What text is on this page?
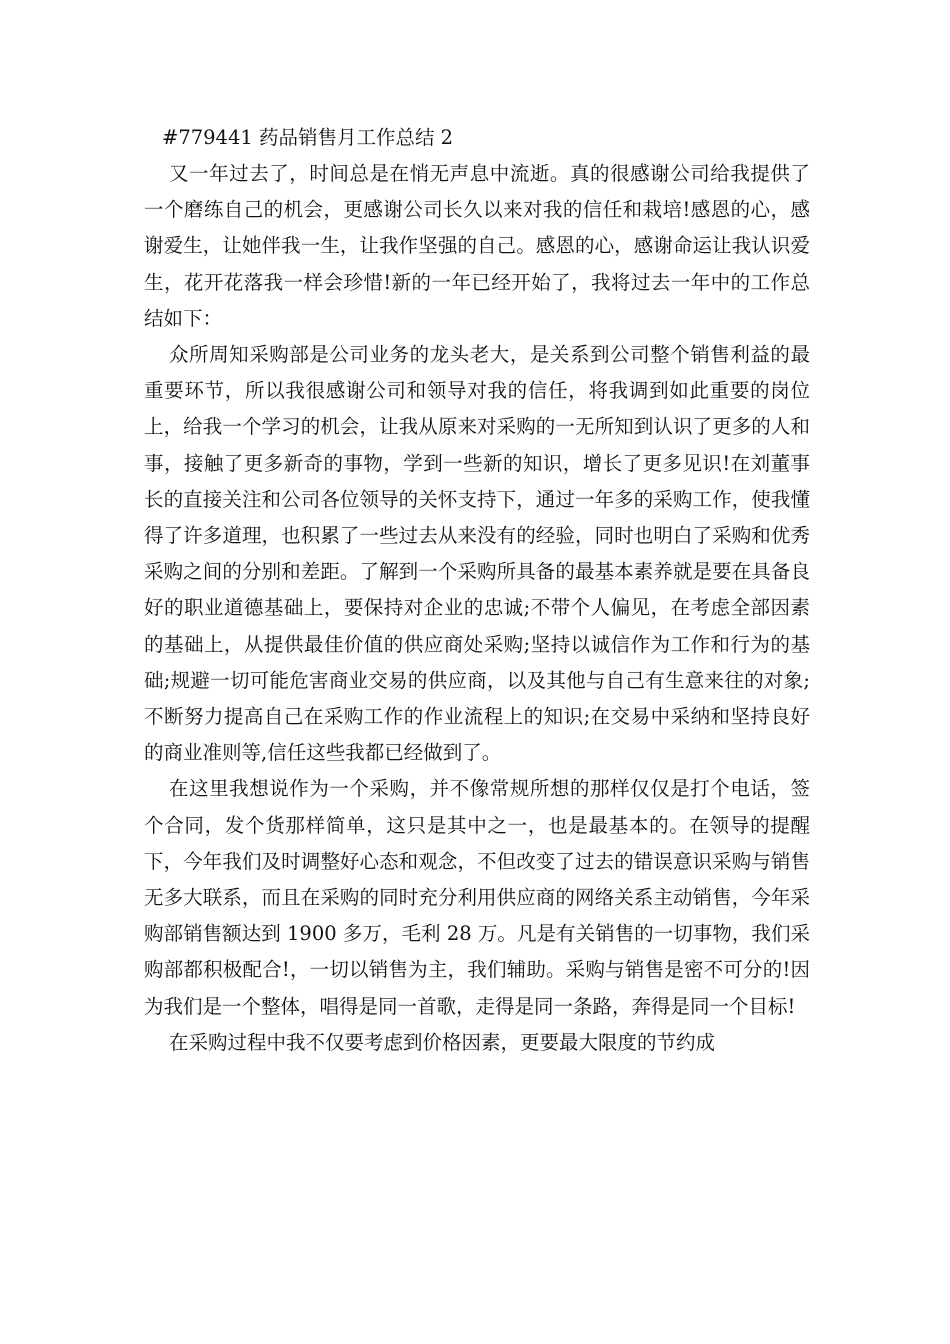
#779441 药品销售月工作总结 2

又一年过去了，时间总是在悄无声息中流逝。真的很感谢公司给我提供了一个磨练自己的机会，更感谢公司长久以来对我的信任和栽培!感恩的心，感谢爱生，让她伴我一生，让我作坚强的自己。感恩的心，感谢命运让我认识爱生，花开花落我一样会珍惜!新的一年已经开始了，我将过去一年中的工作总结如下：

众所周知采购部是公司业务的龙头老大，是关系到公司整个销售利益的最重要环节，所以我很感谢公司和领导对我的信任，将我调到如此重要的岗位上，给我一个学习的机会，让我从原来对采购的一无所知到认识了更多的人和事，接触了更多新奇的事物，学到一些新的知识，增长了更多见识!在刘董事长的直接关注和公司各位领导的关怀支持下，通过一年多的采购工作，使我懂得了许多道理，也积累了一些过去从来没有的经验，同时也明白了采购和优秀采购之间的分别和差距。了解到一个采购所具备的最基本素养就是要在具备良好的职业道德基础上，要保持对企业的忠诚;不带个人偏见，在考虑全部因素的基础上，从提供最佳价值的供应商处采购;坚持以诚信作为工作和行为的基础;规避一切可能危害商业交易的供应商，以及其他与自己有生意来往的对象;不断努力提高自己在采购工作的作业流程上的知识;在交易中采纳和坚持良好的商业准则等,信任这些我都已经做到了。

在这里我想说作为一个采购，并不像常规所想的那样仅仅是打个电话，签个合同，发个货那样简单，这只是其中之一，也是最基本的。在领导的提醒下，今年我们及时调整好心态和观念，不但改变了过去的错误意识采购与销售无多大联系，而且在采购的同时充分利用供应商的网络关系主动销售，今年采购部销售额达到 1900 多万，毛利 28 万。凡是有关销售的一切事物，我们采购部都积极配合!，一切以销售为主，我们辅助。采购与销售是密不可分的!因为我们是一个整体，唱得是同一首歌，走得是同一条路，奔得是同一个目标!

在采购过程中我不仅要考虑到价格因素，更要最大限度的节约成
